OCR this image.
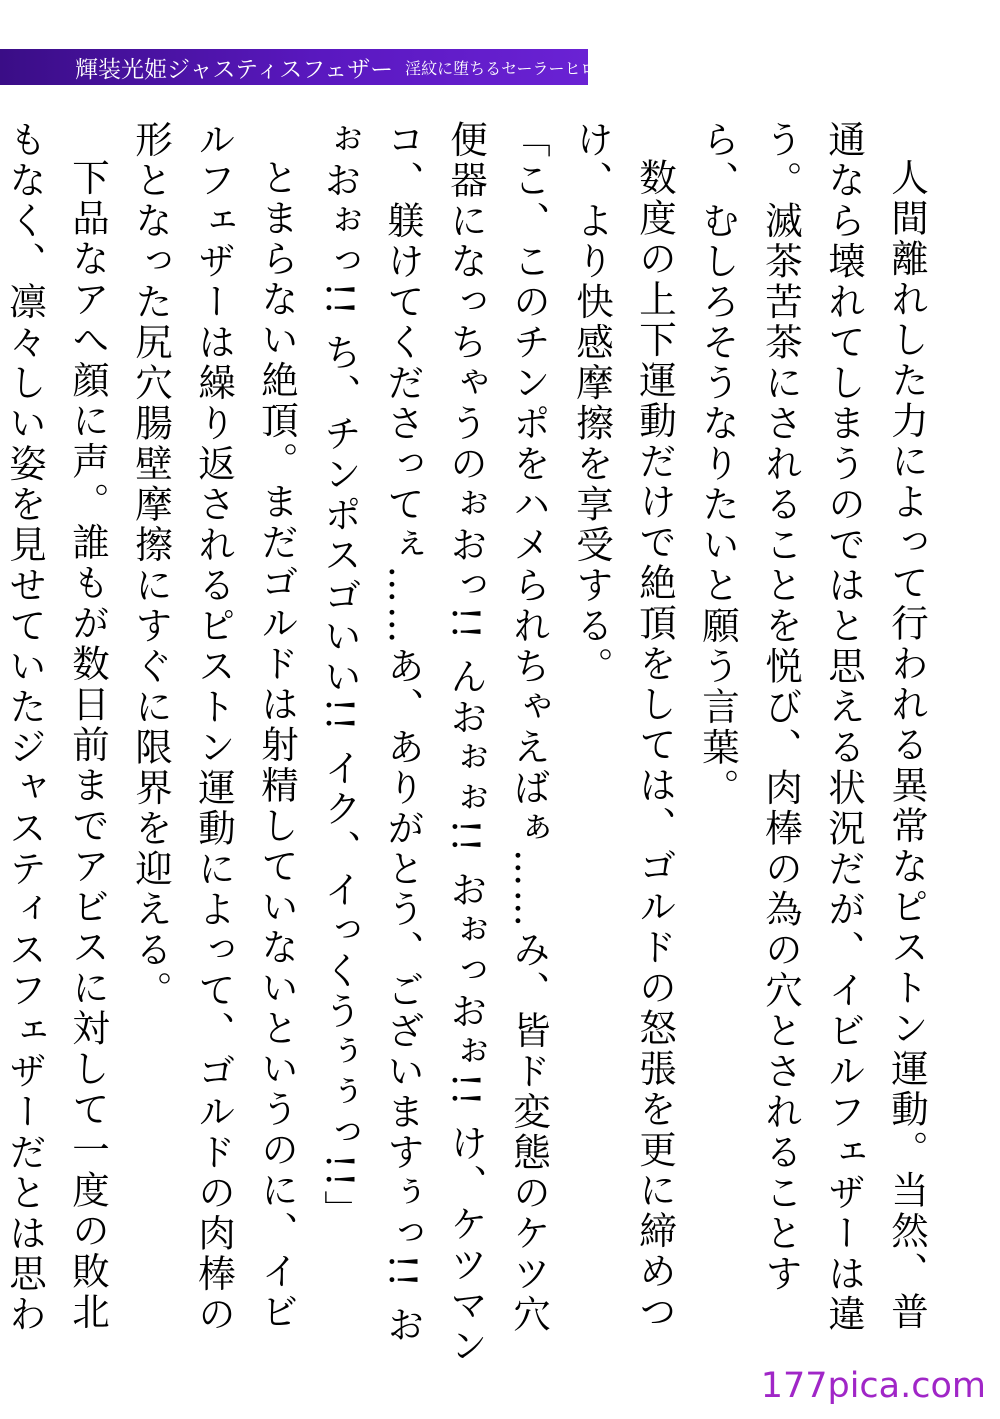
輝装光姫ジャスティスフェザー 淫紋に堕ちるセーラーヒロイン

人間離れした力によって行われる異常なピストン運動。当然、普通なら壊れてしまうのではと思える状況だが、イビルフェザーは違う。滅茶苦茶にされることを悦び、肉棒の為の穴とされることすら、むしろそうなりたいと願う言葉。

数度の上下運動だけで絶頂をしては、ゴルドの怒張を更に締めつけ、より快感摩擦を享受する。

「こ、このチンポをハメられちゃえばぁ……み、皆ド変態のケツ穴便器になっちゃうのぉおっ!! んおぉぉ!! おぉっおぉ!! け、ケツマンコ、躾けてくださってぇ……あ、ありがとう、ございますぅっ!! おぉおぉっ!! ち、チンポスゴいい!! イク、イっくうぅぅっ!!」

とまらない絶頂。まだゴルドは射精していないというのに、イビルフェザーは繰り返されるピストン運動によって、ゴルドの肉棒の形となった尻穴腸壁摩擦にすぐに限界を迎える。

下品なアへ顔に声。誰もが数日前までアビスに対して一度の敗北もなく、凛々しい姿を見せていたジャスティスフェザーだとは思わ

177pica.com
